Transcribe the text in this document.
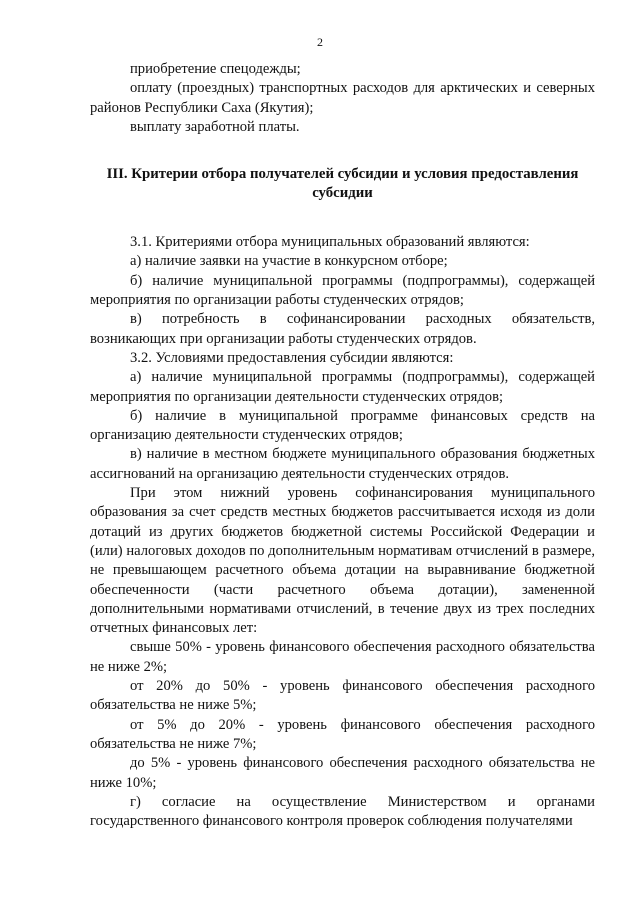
2

приобретение спецодежды;

оплату (проездных) транспортных расходов для арктических и северных районов Республики Саха (Якутия);

выплату заработной платы.

III. Критерии отбора получателей субсидии и условия предоставления субсидии

3.1. Критериями отбора муниципальных образований являются:

а) наличие заявки на участие в конкурсном отборе;

б) наличие муниципальной программы (подпрограммы), содержащей мероприятия по организации работы студенческих отрядов;

в) потребность в софинансировании расходных обязательств, возникающих при организации работы студенческих отрядов.

3.2. Условиями предоставления субсидии являются:

а) наличие муниципальной программы (подпрограммы), содержащей мероприятия по организации деятельности студенческих отрядов;

б) наличие в муниципальной программе финансовых средств на организацию деятельности студенческих отрядов;

в) наличие в местном бюджете муниципального образования бюджетных ассигнований на организацию деятельности студенческих отрядов.

При этом нижний уровень софинансирования муниципального образования за счет средств местных бюджетов рассчитывается исходя из доли дотаций из других бюджетов бюджетной системы Российской Федерации и (или) налоговых доходов по дополнительным нормативам отчислений в размере, не превышающем расчетного объема дотации на выравнивание бюджетной обеспеченности (части расчетного объема дотации), замененной дополнительными нормативами отчислений, в течение двух из трех последних отчетных финансовых лет:

свыше 50% - уровень финансового обеспечения расходного обязательства не ниже 2%;

от 20% до 50% - уровень финансового обеспечения расходного обязательства не ниже 5%;

от 5% до 20% - уровень финансового обеспечения расходного обязательства не ниже 7%;

до 5% - уровень финансового обеспечения расходного обязательства не ниже 10%;

г) согласие на осуществление Министерством и органами государственного финансового контроля проверок соблюдения получателями
